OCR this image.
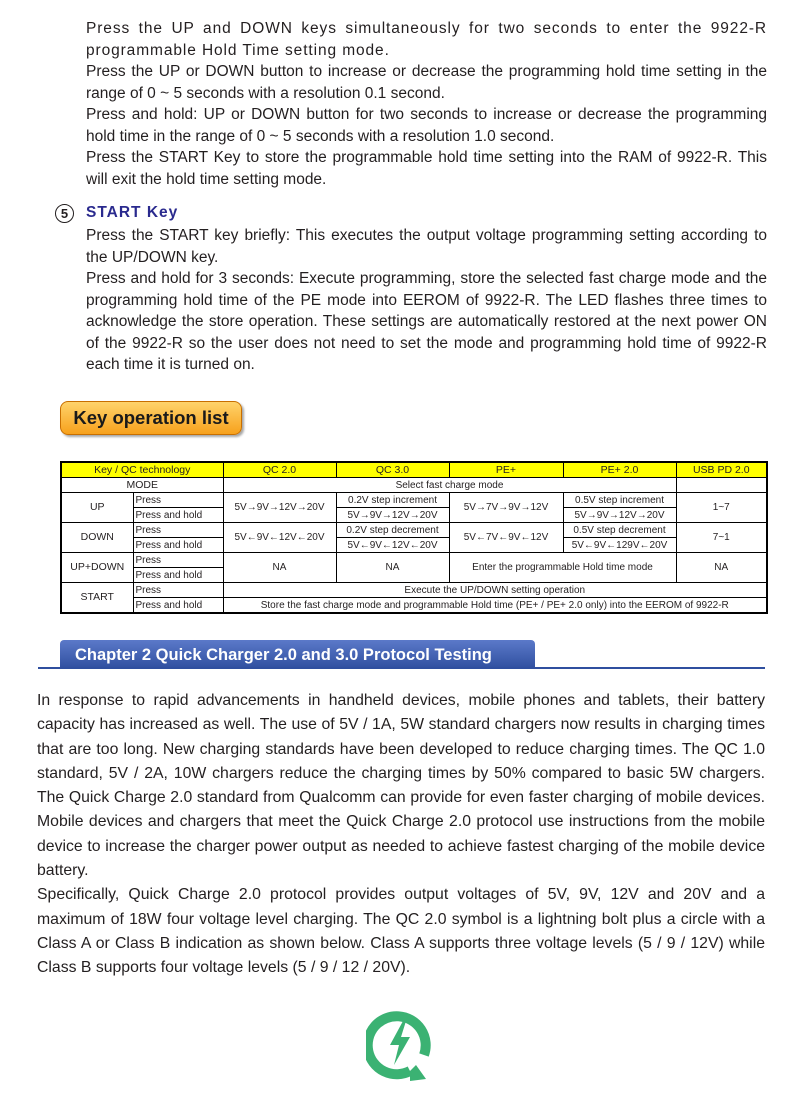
Press the UP and DOWN keys simultaneously for two seconds to enter the 9922-R programmable Hold Time setting mode.

Press the UP or DOWN button to increase or decrease the programming hold time setting in the range of 0 ~ 5 seconds with a resolution 0.1 second.

Press and hold: UP or DOWN button for two seconds to increase or decrease the programming hold time in the range of 0 ~ 5 seconds with a resolution 1.0 second.

Press the START Key to store the programmable hold time setting into the RAM of 9922-R. This will exit the hold time setting mode.

5	START Key

Press the START key briefly: This executes the output voltage programming setting according to the UP/DOWN key.

Press and hold for 3 seconds: Execute programming, store the selected fast charge mode and the programming hold time of the PE mode into EEROM of 9922-R. The LED flashes three times to acknowledge the store operation. These settings are automatically restored at the next power ON of the 9922-R so the user does not need to set the mode and programming hold time of 9922-R each time it is turned on.

Key operation list
Key / QC technology		QC 2.0	QC 3.0	PE+	PE+ 2.0	USB PD 2.0
MODE		Select fast charge mode				
UP	Press	5V→9V→12V→20V	0.2V step increment	5V→7V→9V→12V	0.5V step increment	1~7
	Press and hold		5V→9V→12V→20V		5V→9V→12V→20V	
DOWN	Press	5V←9V←12V←20V	0.2V step decrement	5V←7V←9V←12V	0.5V step decrement	7~1
	Press and hold		5V←9V←12V←20V		5V←9V←129V←20V	
UP+DOWN	Press	NA	NA	Enter the programmable Hold time mode		NA
	Press and hold					
START	Press	Execute the UP/DOWN setting operation				
	Press and hold	Store the fast charge mode and programmable Hold time (PE+ / PE+ 2.0 only) into the EEROM of 9922-R				
Chapter 2 Quick Charger 2.0 and 3.0 Protocol Testing

In response to rapid advancements in handheld devices, mobile phones and tablets, their battery capacity has increased as well. The use of 5V / 1A, 5W standard chargers now results in charging times that are too long. New charging standards have been developed to reduce charging times. The QC 1.0 standard, 5V / 2A, 10W chargers reduce the charging times by 50% compared to basic 5W chargers. The Quick Charge 2.0 standard from Qualcomm can provide for even faster charging of mobile devices. Mobile devices and chargers that meet the Quick Charge 2.0 protocol use instructions from the mobile device to increase the charger power output as needed to achieve fastest charging of the mobile device battery.

Specifically, Quick Charge 2.0 protocol provides output voltages of 5V, 9V, 12V and 20V and a maximum of 18W four voltage level charging. The QC 2.0 symbol is a lightning bolt plus a circle with a Class A or Class B indication as shown below. Class A supports three voltage levels (5 / 9 / 12V) while Class B supports four voltage levels (5 / 9 / 12 / 20V).
